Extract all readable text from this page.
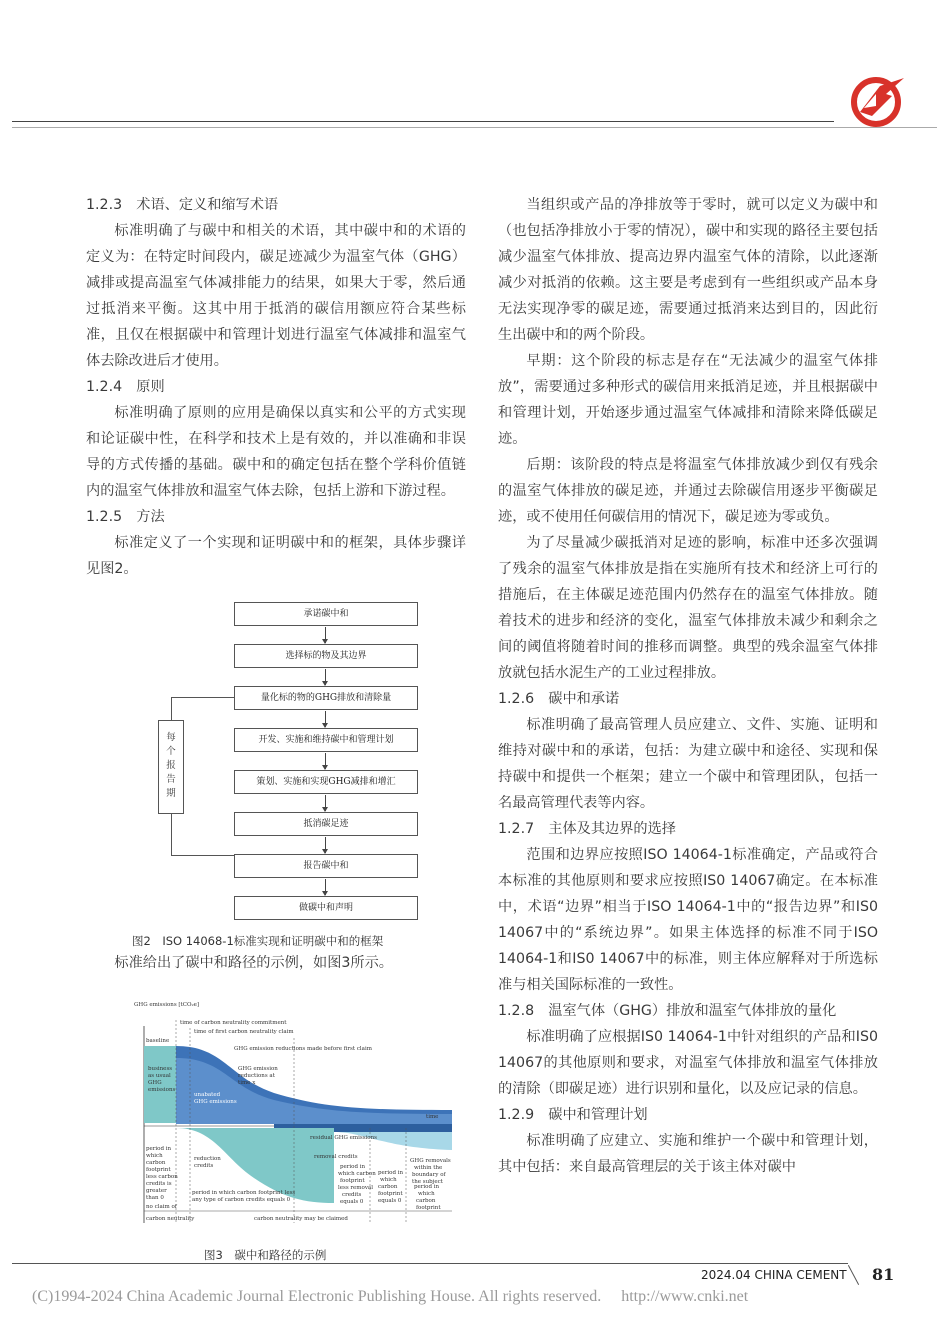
1.2.3　术语、定义和缩写术语

标准明确了与碳中和相关的术语，其中碳中和的术语的定义为：在特定时间段内，碳足迹减少为温室气体（GHG）减排或提高温室气体减排能力的结果，如果大于零，然后通过抵消来平衡。这其中用于抵消的碳信用额应符合某些标准，且仅在根据碳中和管理计划进行温室气体减排和温室气体去除改进后才使用。

1.2.4　原则

标准明确了原则的应用是确保以真实和公平的方式实现和论证碳中性，在科学和技术上是有效的，并以准确和非误导的方式传播的基础。碳中和的确定包括在整个学科价值链内的温室气体排放和温室气体去除，包括上游和下游过程。

1.2.5　方法

标准定义了一个实现和证明碳中和的框架，具体步骤详见图2。

承诺碳中和
选择标的物及其边界
量化标的物的GHG排放和清除量
开发、实施和维持碳中和管理计划
策划、实施和实现GHG减排和增汇
抵消碳足迹
报告碳中和
做碳中和声明
每
个
报
告
期
图2　ISO 14068-1标准实现和证明碳中和的框架

标准给出了碳中和路径的示例，如图3所示。

GHG emissions [tCO₂e]
time of carbon neutrality commitment
time of first carbon neutrality claim
baseline
GHG emission reductions made before first claim
business
as usual
GHG
emissions
GHG emission
reductions at
time x
unabated
GHG emissions
time
residual GHG emissions
removal credits
reduction
credits
GHG removals
within the
boundary of
the subject
period in
which
carbon
footprint
less carbon
credits is
greater
than 0
no claim of
carbon neutrality
period in which carbon footprint less
any type of carbon credits equals 0
period in
which carbon
footprint
less removal
credits
equals 0
period in
which
carbon
footprint
equals 0
period in
which
carbon
footprint
carbon neutrality may be claimed
图3　碳中和路径的示例

当组织或产品的净排放等于零时，就可以定义为碳中和（也包括净排放小于零的情况），碳中和实现的路径主要包括减少温室气体排放、提高边界内温室气体的清除，以此逐渐减少对抵消的依赖。这主要是考虑到有一些组织或产品本身无法实现净零的碳足迹，需要通过抵消来达到目的，因此衍生出碳中和的两个阶段。

早期：这个阶段的标志是存在“无法减少的温室气体排放”，需要通过多种形式的碳信用来抵消足迹，并且根据碳中和管理计划，开始逐步通过温室气体减排和清除来降低碳足迹。

后期：该阶段的特点是将温室气体排放减少到仅有残余的温室气体排放的碳足迹，并通过去除碳信用逐步平衡碳足迹，或不使用任何碳信用的情况下，碳足迹为零或负。

为了尽量减少碳抵消对足迹的影响，标准中还多次强调了残余的温室气体排放是指在实施所有技术和经济上可行的措施后，在主体碳足迹范围内仍然存在的温室气体排放。随着技术的进步和经济的变化，温室气体排放未减少和剩余之间的阈值将随着时间的推移而调整。典型的残余温室气体排放就包括水泥生产的工业过程排放。

1.2.6　碳中和承诺

标准明确了最高管理人员应建立、文件、实施、证明和维持对碳中和的承诺，包括：为建立碳中和途径、实现和保持碳中和提供一个框架；建立一个碳中和管理团队，包括一名最高管理代表等内容。

1.2.7　主体及其边界的选择

范围和边界应按照ISO 14064-1标准确定，产品或符合本标准的其他原则和要求应按照IS0 14067确定。在本标准中，术语“边界”相当于ISO 14064-1中的“报告边界”和IS0 14067中的“系统边界”。如果主体选择的标准不同于ISO 14064-1和IS0 14067中的标准，则主体应解释对于所选标准与相关国际标准的一致性。

1.2.8　温室气体（GHG）排放和温室气体排放的量化

标准明确了应根据IS0 14064-1中针对组织的产品和IS0 14067的其他原则和要求，对温室气体排放和温室气体排放的清除（即碳足迹）进行识别和量化，以及应记录的信息。

1.2.9　碳中和管理计划

标准明确了应建立、实施和维护一个碳中和管理计划，其中包括：来自最高管理层的关于该主体对碳中

2024.04 CHINA CEMENT 81
(C)1994-2024 China Academic Journal Electronic Publishing House. All rights reserved. http://www.cnki.net
